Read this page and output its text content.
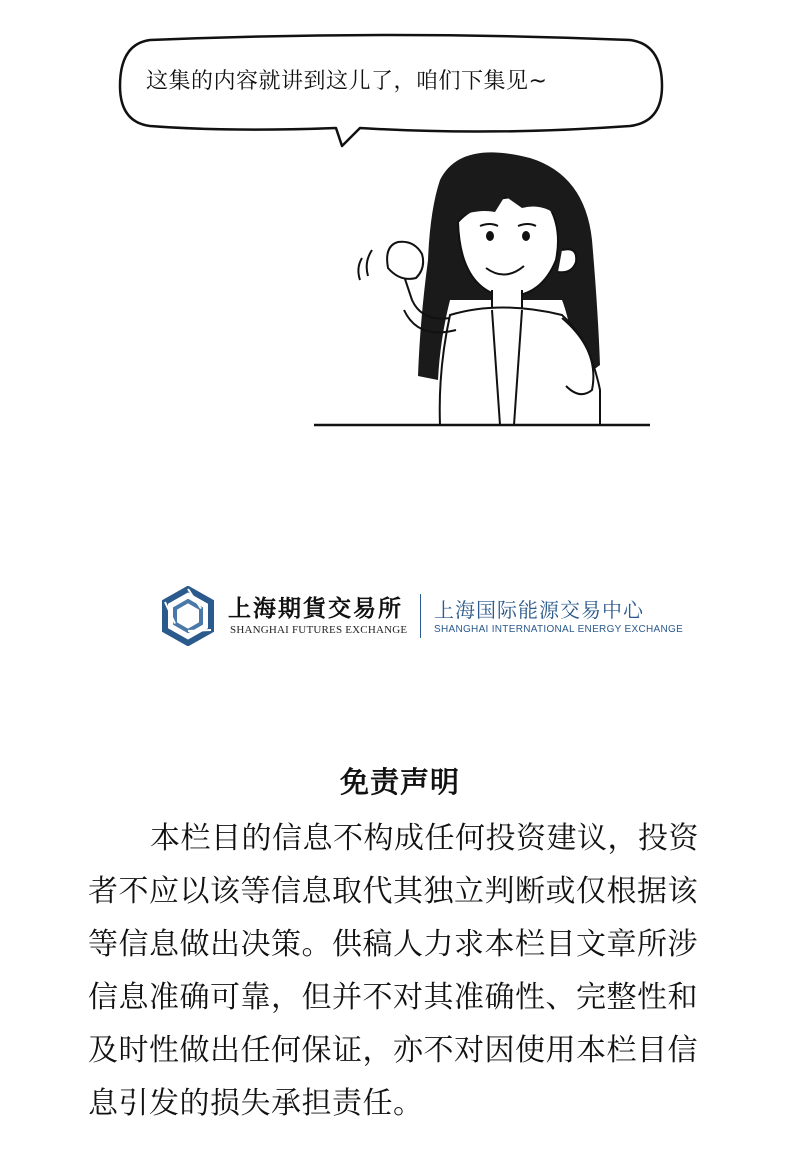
这集的内容就讲到这儿了，咱们下集见~
上海期貨交易所
SHANGHAI FUTURES EXCHANGE
上海国际能源交易中心
SHANGHAI INTERNATIONAL ENERGY EXCHANGE
免责声明
本栏目的信息不构成任何投资建议，投资
者不应以该等信息取代其独立判断或仅根据该
等信息做出决策。供稿人力求本栏目文章所涉
信息准确可靠，但并不对其准确性、完整性和
及时性做出任何保证，亦不对因使用本栏目信
息引发的损失承担责任。
